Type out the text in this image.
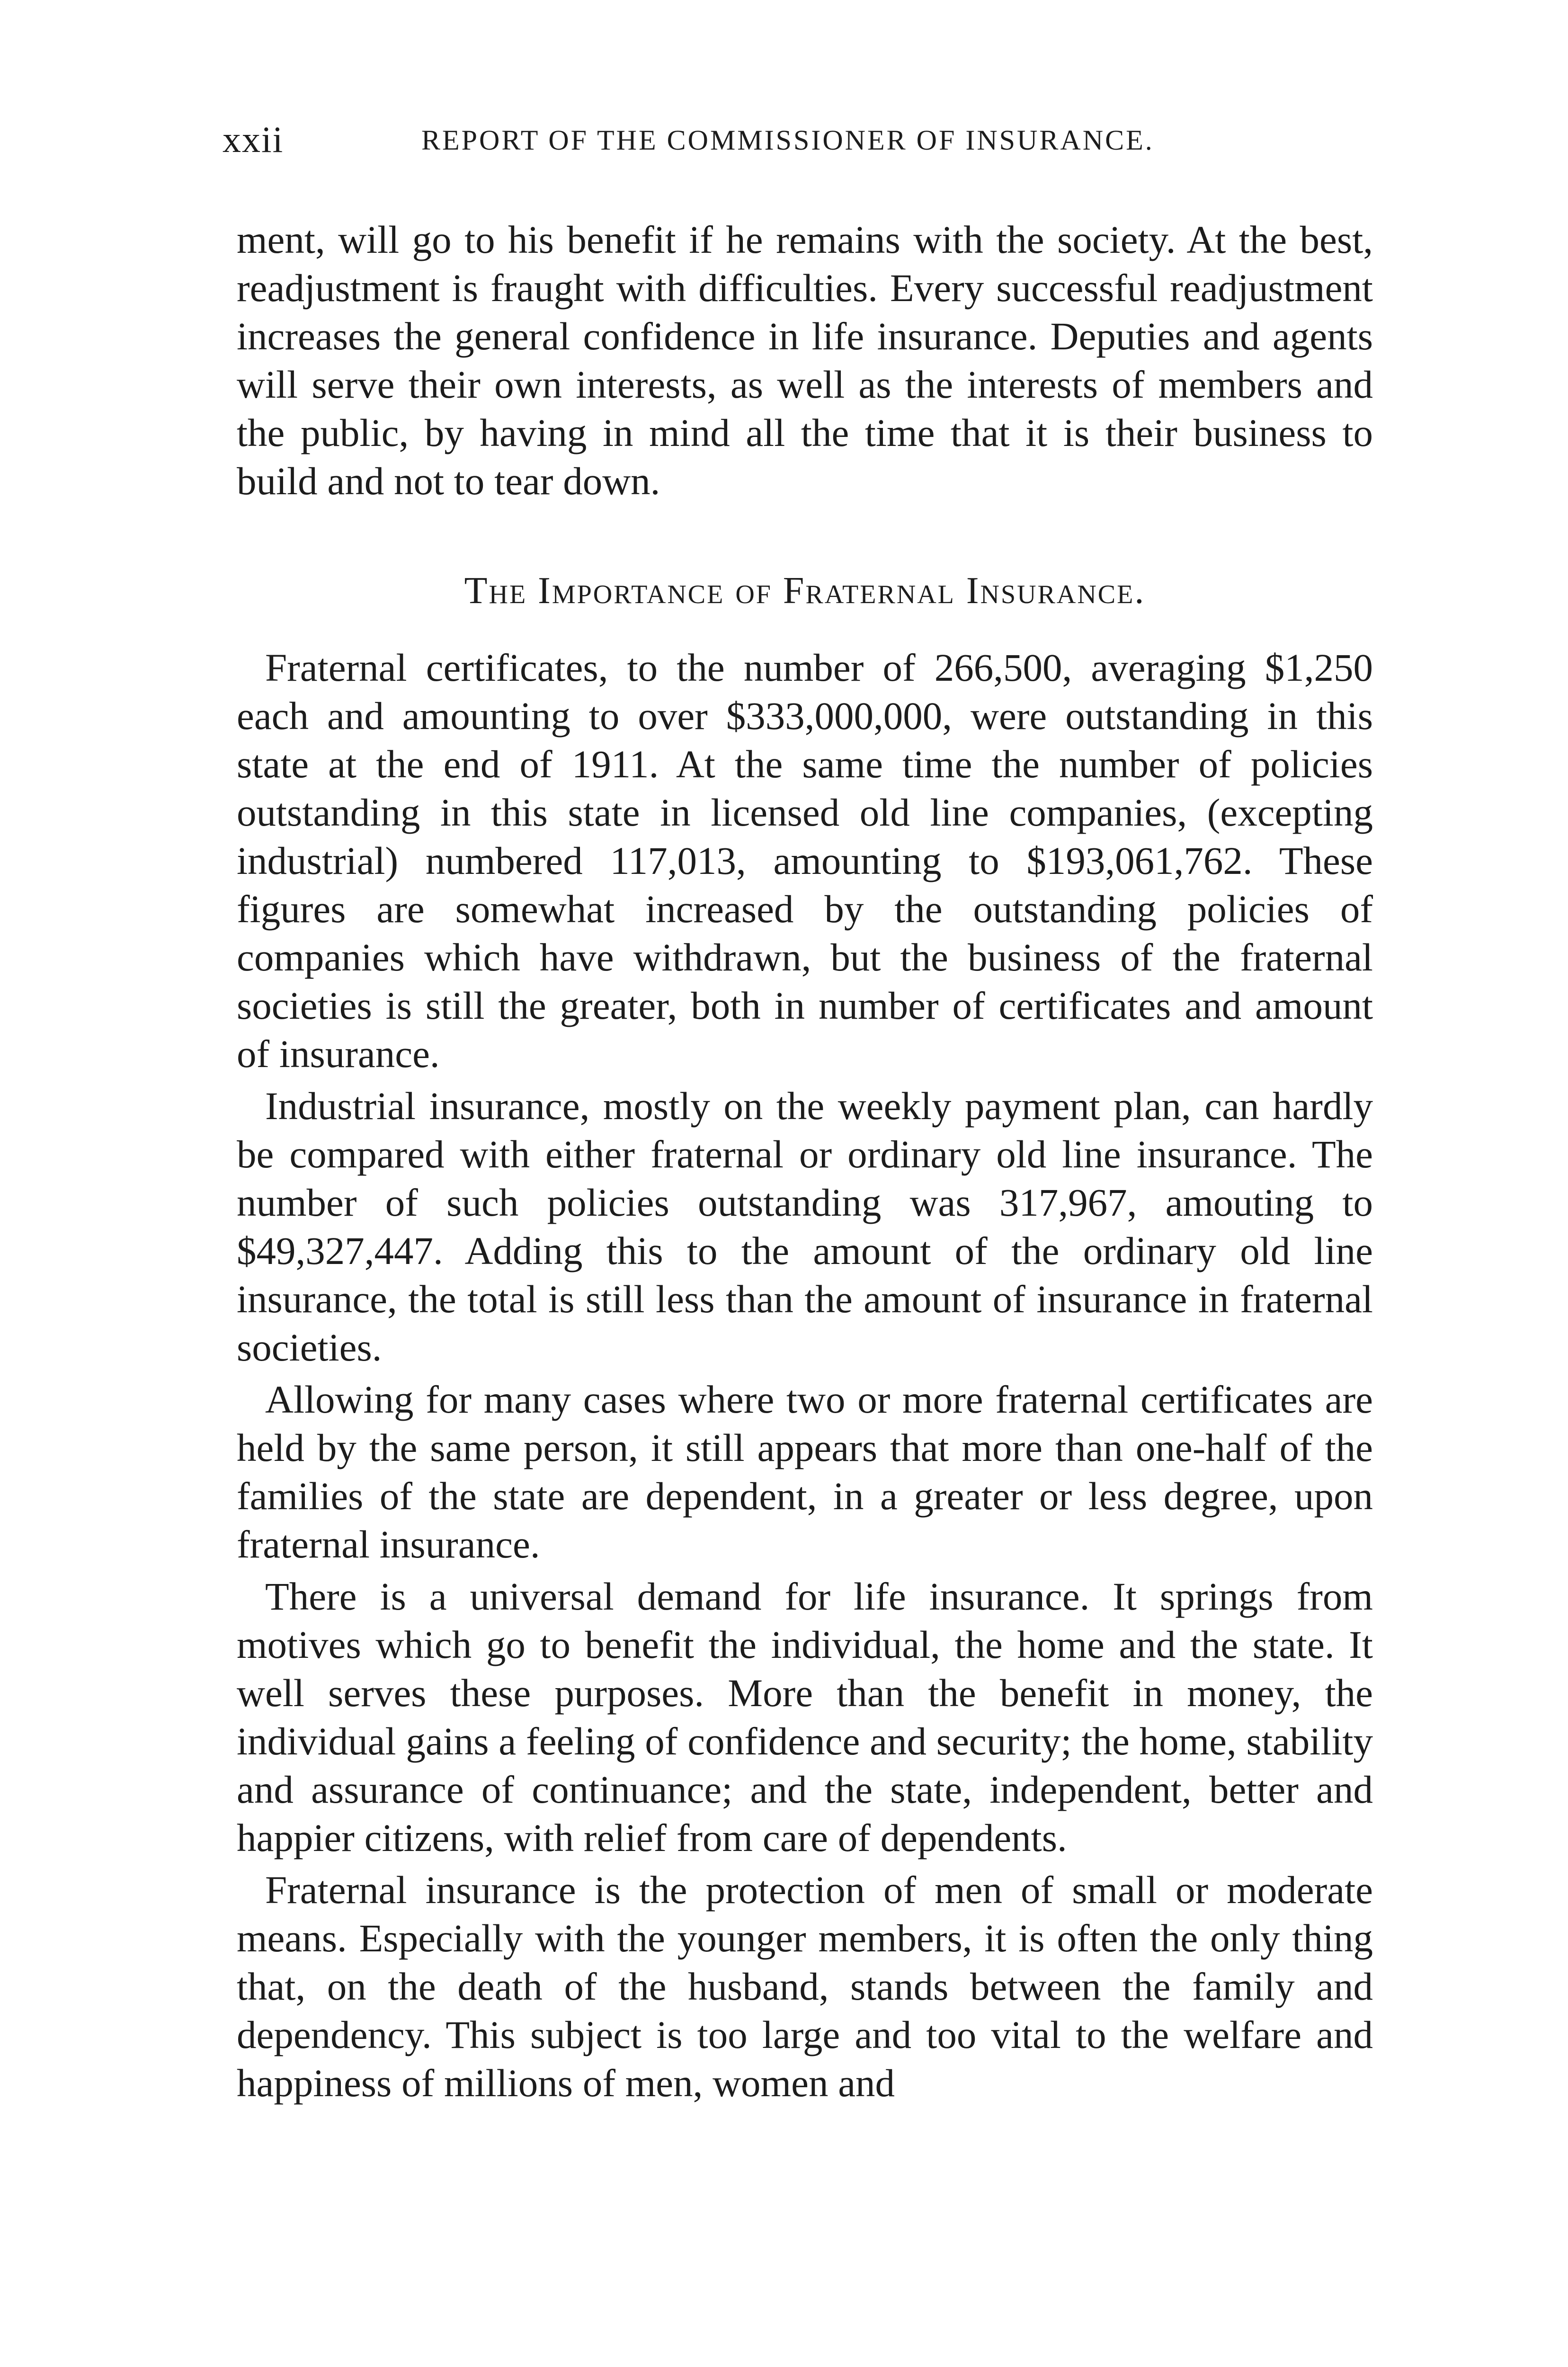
xxii	REPORT OF THE COMMISSIONER OF INSURANCE.

ment, will go to his benefit if he remains with the society. At the best, readjustment is fraught with difficulties. Every successful readjustment increases the general confidence in life insurance. Deputies and agents will serve their own interests, as well as the interests of members and the public, by having in mind all the time that it is their business to build and not to tear down.

The Importance of Fraternal Insurance.

Fraternal certificates, to the number of 266,500, averaging $1,250 each and amounting to over $333,000,000, were outstanding in this state at the end of 1911. At the same time the number of policies outstanding in this state in licensed old line companies, (excepting industrial) numbered 117,013, amounting to $193,061,762. These figures are somewhat increased by the outstanding policies of companies which have withdrawn, but the business of the fraternal societies is still the greater, both in number of certificates and amount of insurance.

Industrial insurance, mostly on the weekly payment plan, can hardly be compared with either fraternal or ordinary old line insurance. The number of such policies outstanding was 317,967, amouting to $49,327,447. Adding this to the amount of the ordinary old line insurance, the total is still less than the amount of insurance in fraternal societies.

Allowing for many cases where two or more fraternal certificates are held by the same person, it still appears that more than one-half of the families of the state are dependent, in a greater or less degree, upon fraternal insurance.

There is a universal demand for life insurance. It springs from motives which go to benefit the individual, the home and the state. It well serves these purposes. More than the benefit in money, the individual gains a feeling of confidence and security; the home, stability and assurance of continuance; and the state, independent, better and happier citizens, with relief from care of dependents.

Fraternal insurance is the protection of men of small or moderate means. Especially with the younger members, it is often the only thing that, on the death of the husband, stands between the family and dependency. This subject is too large and too vital to the welfare and happiness of millions of men, women and
